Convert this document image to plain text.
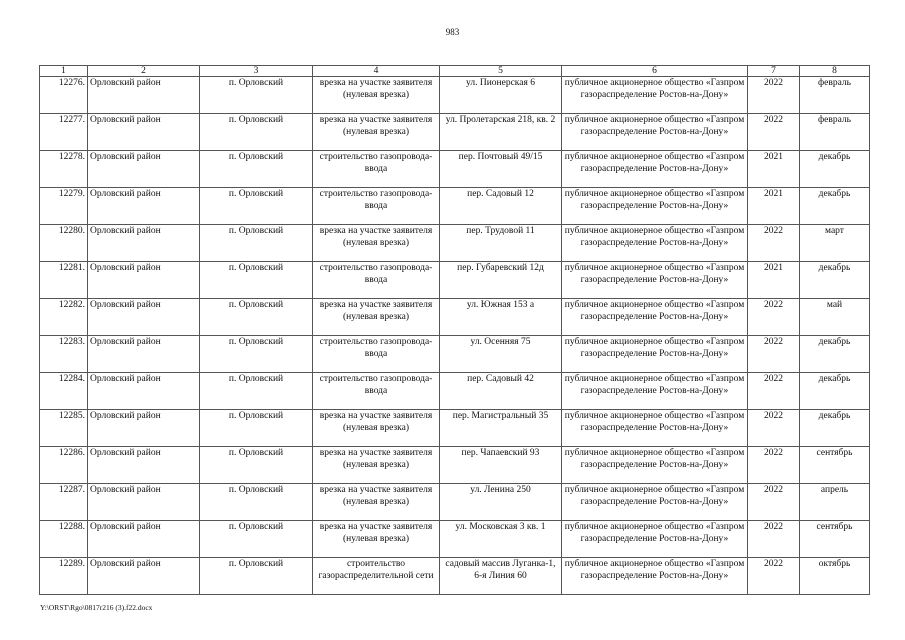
983
1	2	3	4	5	6	7	8
12276.	Орловский район	п. Орловский	врезка на участке заявителя (нулевая врезка)	ул. Пионерская 6	публичное акционерное общество «Газпром газораспределение Ростов-на-Дону»	2022	февраль
12277.	Орловский район	п. Орловский	врезка на участке заявителя (нулевая врезка)	ул. Пролетарская 218, кв. 2	публичное акционерное общество «Газпром газораспределение Ростов-на-Дону»	2022	февраль
12278.	Орловский район	п. Орловский	строительство газопровода-ввода	пер. Почтовый 49/15	публичное акционерное общество «Газпром газораспределение Ростов-на-Дону»	2021	декабрь
12279.	Орловский район	п. Орловский	строительство газопровода-ввода	пер. Садовый 12	публичное акционерное общество «Газпром газораспределение Ростов-на-Дону»	2021	декабрь
12280.	Орловский район	п. Орловский	врезка на участке заявителя (нулевая врезка)	пер. Трудовой 11	публичное акционерное общество «Газпром газораспределение Ростов-на-Дону»	2022	март
12281.	Орловский район	п. Орловский	строительство газопровода-ввода	пер. Губаревский 12д	публичное акционерное общество «Газпром газораспределение Ростов-на-Дону»	2021	декабрь
12282.	Орловский район	п. Орловский	врезка на участке заявителя (нулевая врезка)	ул. Южная 153 а	публичное акционерное общество «Газпром газораспределение Ростов-на-Дону»	2022	май
12283.	Орловский район	п. Орловский	строительство газопровода-ввода	ул. Осенняя 75	публичное акционерное общество «Газпром газораспределение Ростов-на-Дону»	2022	декабрь
12284.	Орловский район	п. Орловский	строительство газопровода-ввода	пер. Садовый 42	публичное акционерное общество «Газпром газораспределение Ростов-на-Дону»	2022	декабрь
12285.	Орловский район	п. Орловский	врезка на участке заявителя (нулевая врезка)	пер. Магистральный 35	публичное акционерное общество «Газпром газораспределение Ростов-на-Дону»	2022	декабрь
12286.	Орловский район	п. Орловский	врезка на участке заявителя (нулевая врезка)	пер. Чапаевский 93	публичное акционерное общество «Газпром газораспределение Ростов-на-Дону»	2022	сентябрь
12287.	Орловский район	п. Орловский	врезка на участке заявителя (нулевая врезка)	ул. Ленина 250	публичное акционерное общество «Газпром газораспределение Ростов-на-Дону»	2022	апрель
12288.	Орловский район	п. Орловский	врезка на участке заявителя (нулевая врезка)	ул. Московская 3 кв. 1	публичное акционерное общество «Газпром газораспределение Ростов-на-Дону»	2022	сентябрь
12289.	Орловский район	п. Орловский	строительство газораспределительной сети	садовый массив Луганка-1, 6-я Линия 60	публичное акционерное общество «Газпром газораспределение Ростов-на-Дону»	2022	октябрь
Y:\ORST\Rgo\0817r216 (3).f22.docx
